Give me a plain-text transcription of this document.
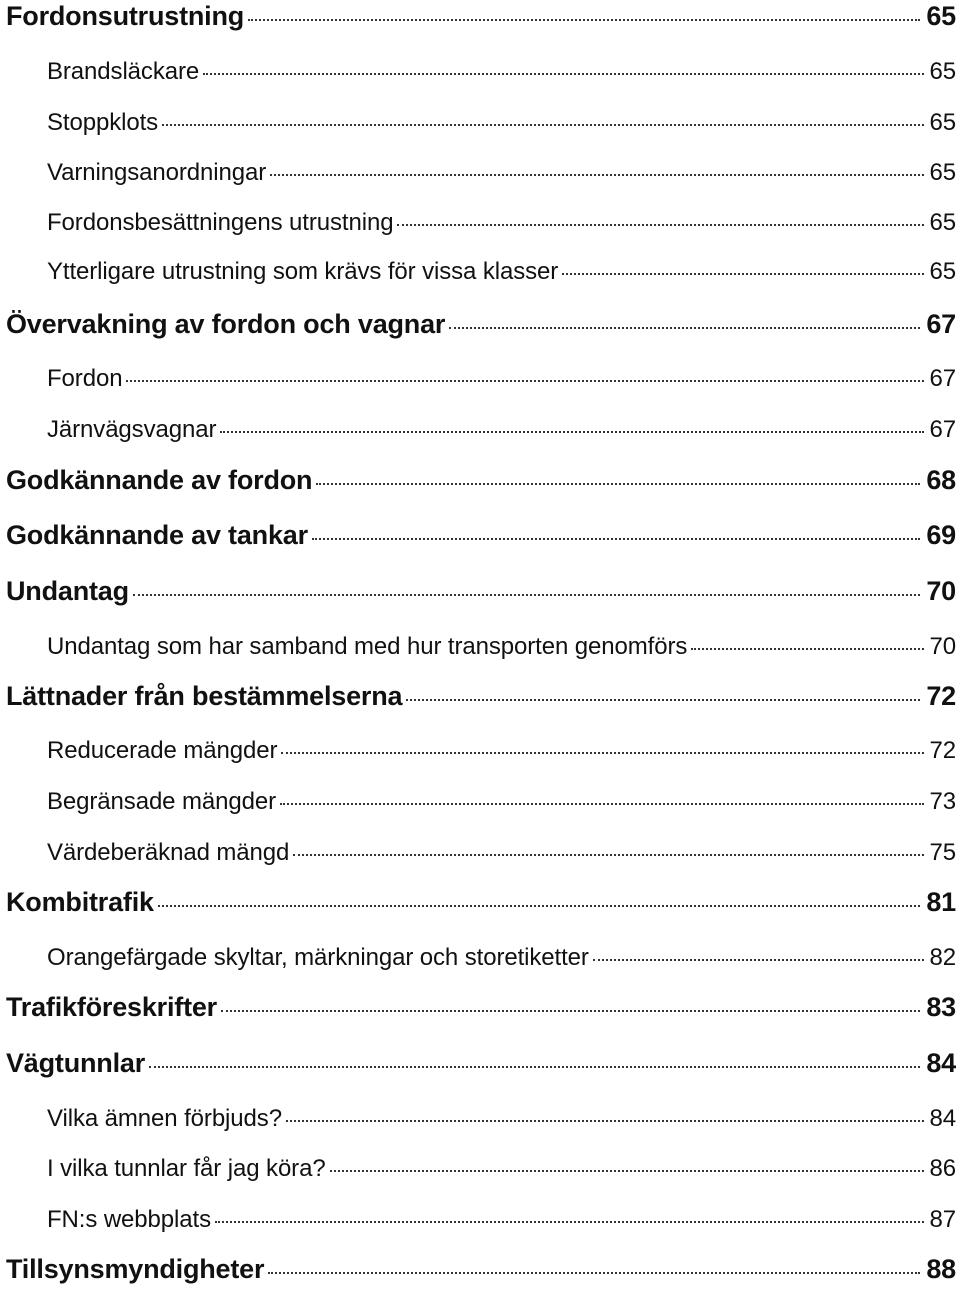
Fordonsutrustning	65
Brandsläckare	65
Stoppklots	65
Varningsanordningar	65
Fordonsbesättningens utrustning	65
Ytterligare utrustning som krävs för vissa klasser	65
Övervakning av fordon och vagnar	67
Fordon	67
Järnvägsvagnar	67
Godkännande av fordon	68
Godkännande av tankar	69
Undantag	70
Undantag som har samband med hur transporten genomförs	70
Lättnader från bestämmelserna	72
Reducerade mängder	72
Begränsade mängder	73
Värdeberäknad mängd	75
Kombitrafik	81
Orangefärgade skyltar, märkningar och storetiketter	82
Trafikföreskrifter	83
Vägtunnlar	84
Vilka ämnen förbjuds?	84
I vilka tunnlar får jag köra?	86
FN:s webbplats	87
Tillsynsmyndigheter	88
